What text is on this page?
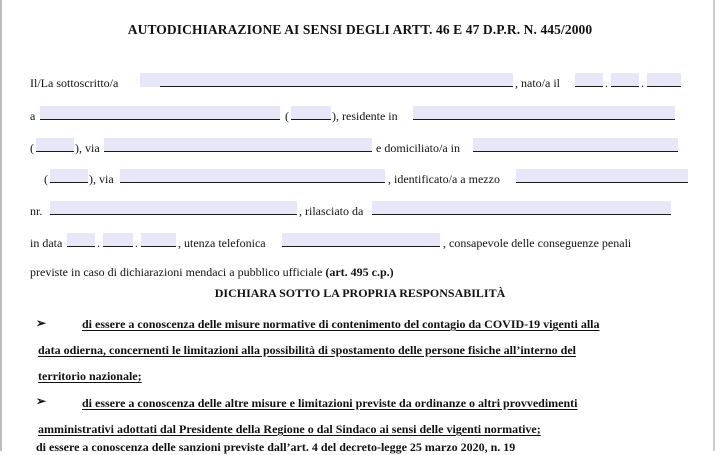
AUTODICHIARAZIONE AI SENSI DEGLI ARTT. 46 E 47 D.P.R. N. 445/2000
Il/La sottoscritto/a	, nato/a il	.	.
a	(	), residente in
(	), via	e domiciliato/a in
(	), via	, identificato/a a mezzo
nr.	, rilasciato da
in data	.	.	, utenza telefonica	, consapevole delle conseguenze penali
previste in caso di dichiarazioni mendaci a pubblico ufficiale (art. 495 c.p.)
DICHIARA SOTTO LA PROPRIA RESPONSABILITÀ
➢	di essere a conoscenza delle misure normative di contenimento del contagio da COVID-19 vigenti alla
data odierna, concernenti le limitazioni alla possibilità di spostamento delle persone fisiche all’interno del
territorio nazionale;
➢	di essere a conoscenza delle altre misure e limitazioni previste da ordinanze o altri provvedimenti
amministrativi adottati dal Presidente della Regione o dal Sindaco ai sensi delle vigenti normative;
di essere a conoscenza delle sanzioni previste dall’art. 4 del decreto-legge 25 marzo 2020, n. 19
